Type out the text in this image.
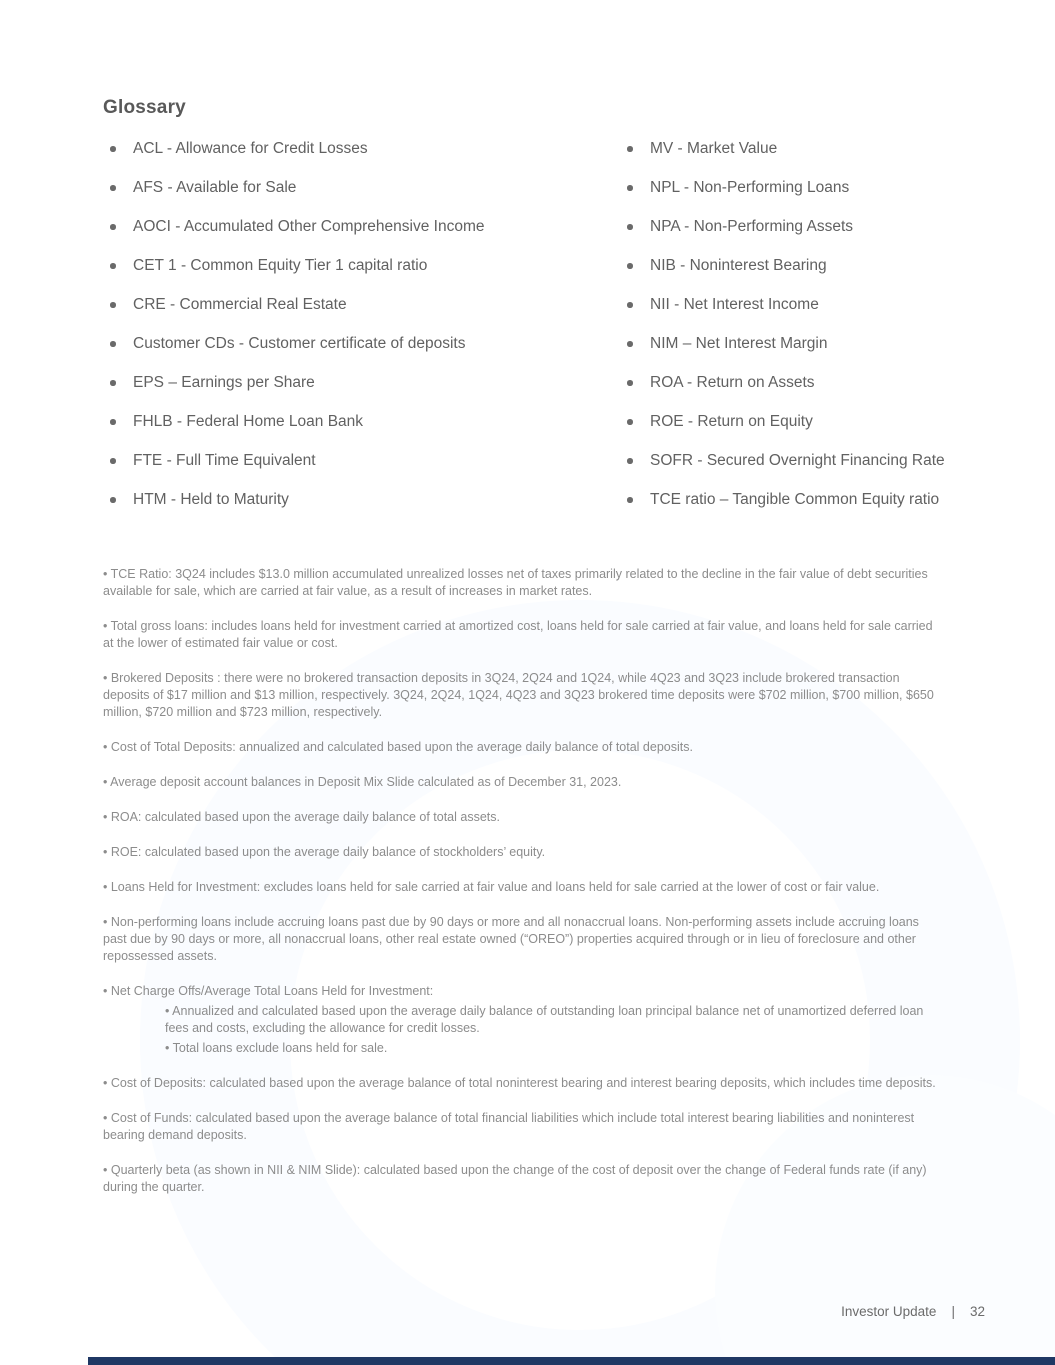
Glossary
ACL - Allowance for Credit Losses
AFS - Available for Sale
AOCI - Accumulated Other Comprehensive Income
CET 1 - Common Equity Tier 1 capital ratio
CRE - Commercial Real Estate
Customer CDs - Customer certificate of deposits
EPS – Earnings per Share
FHLB - Federal Home Loan Bank
FTE - Full Time Equivalent
HTM - Held to Maturity
MV - Market Value
NPL - Non-Performing Loans
NPA - Non-Performing Assets
NIB - Noninterest Bearing
NII - Net Interest Income
NIM – Net Interest Margin
ROA - Return on Assets
ROE - Return on Equity
SOFR - Secured Overnight Financing Rate
TCE ratio – Tangible Common Equity ratio

• TCE Ratio: 3Q24 includes $13.0 million accumulated unrealized losses net of taxes primarily related to the decline in the fair value of debt securities available for sale, which are carried at fair value, as a result of increases in market rates.

• Total gross loans: includes loans held for investment carried at amortized cost, loans held for sale carried at fair value, and loans held for sale carried at the lower of estimated fair value or cost.

• Brokered Deposits : there were no brokered transaction deposits in 3Q24, 2Q24 and 1Q24, while 4Q23 and 3Q23 include brokered transaction deposits of $17 million and $13 million, respectively. 3Q24, 2Q24, 1Q24, 4Q23 and 3Q23 brokered time deposits were $702 million, $700 million, $650 million, $720 million and $723 million, respectively.

• Cost of Total Deposits: annualized and calculated based upon the average daily balance of total deposits.

• Average deposit account balances in Deposit Mix Slide calculated as of December 31, 2023.

• ROA: calculated based upon the average daily balance of total assets.

• ROE: calculated based upon the average daily balance of stockholders’ equity.

• Loans Held for Investment: excludes loans held for sale carried at fair value and loans held for sale carried at the lower of cost or fair value.

• Non-performing loans include accruing loans past due by 90 days or more and all nonaccrual loans. Non-performing assets include accruing loans past due by 90 days or more, all nonaccrual loans, other real estate owned (“OREO”) properties acquired through or in lieu of foreclosure and other repossessed assets.

• Net Charge Offs/Average Total Loans Held for Investment:

• Annualized and calculated based upon the average daily balance of outstanding loan principal balance net of unamortized deferred loan fees and costs, excluding the allowance for credit losses.

• Total loans exclude loans held for sale.

• Cost of Deposits: calculated based upon the average balance of total noninterest bearing and interest bearing deposits, which includes time deposits.

• Cost of Funds: calculated based upon the average balance of total financial liabilities which include total interest bearing liabilities and noninterest bearing demand deposits.

• Quarterly beta (as shown in NII & NIM Slide): calculated based upon the change of the cost of deposit over the change of Federal funds rate (if any) during the quarter.

Investor Update | 32
